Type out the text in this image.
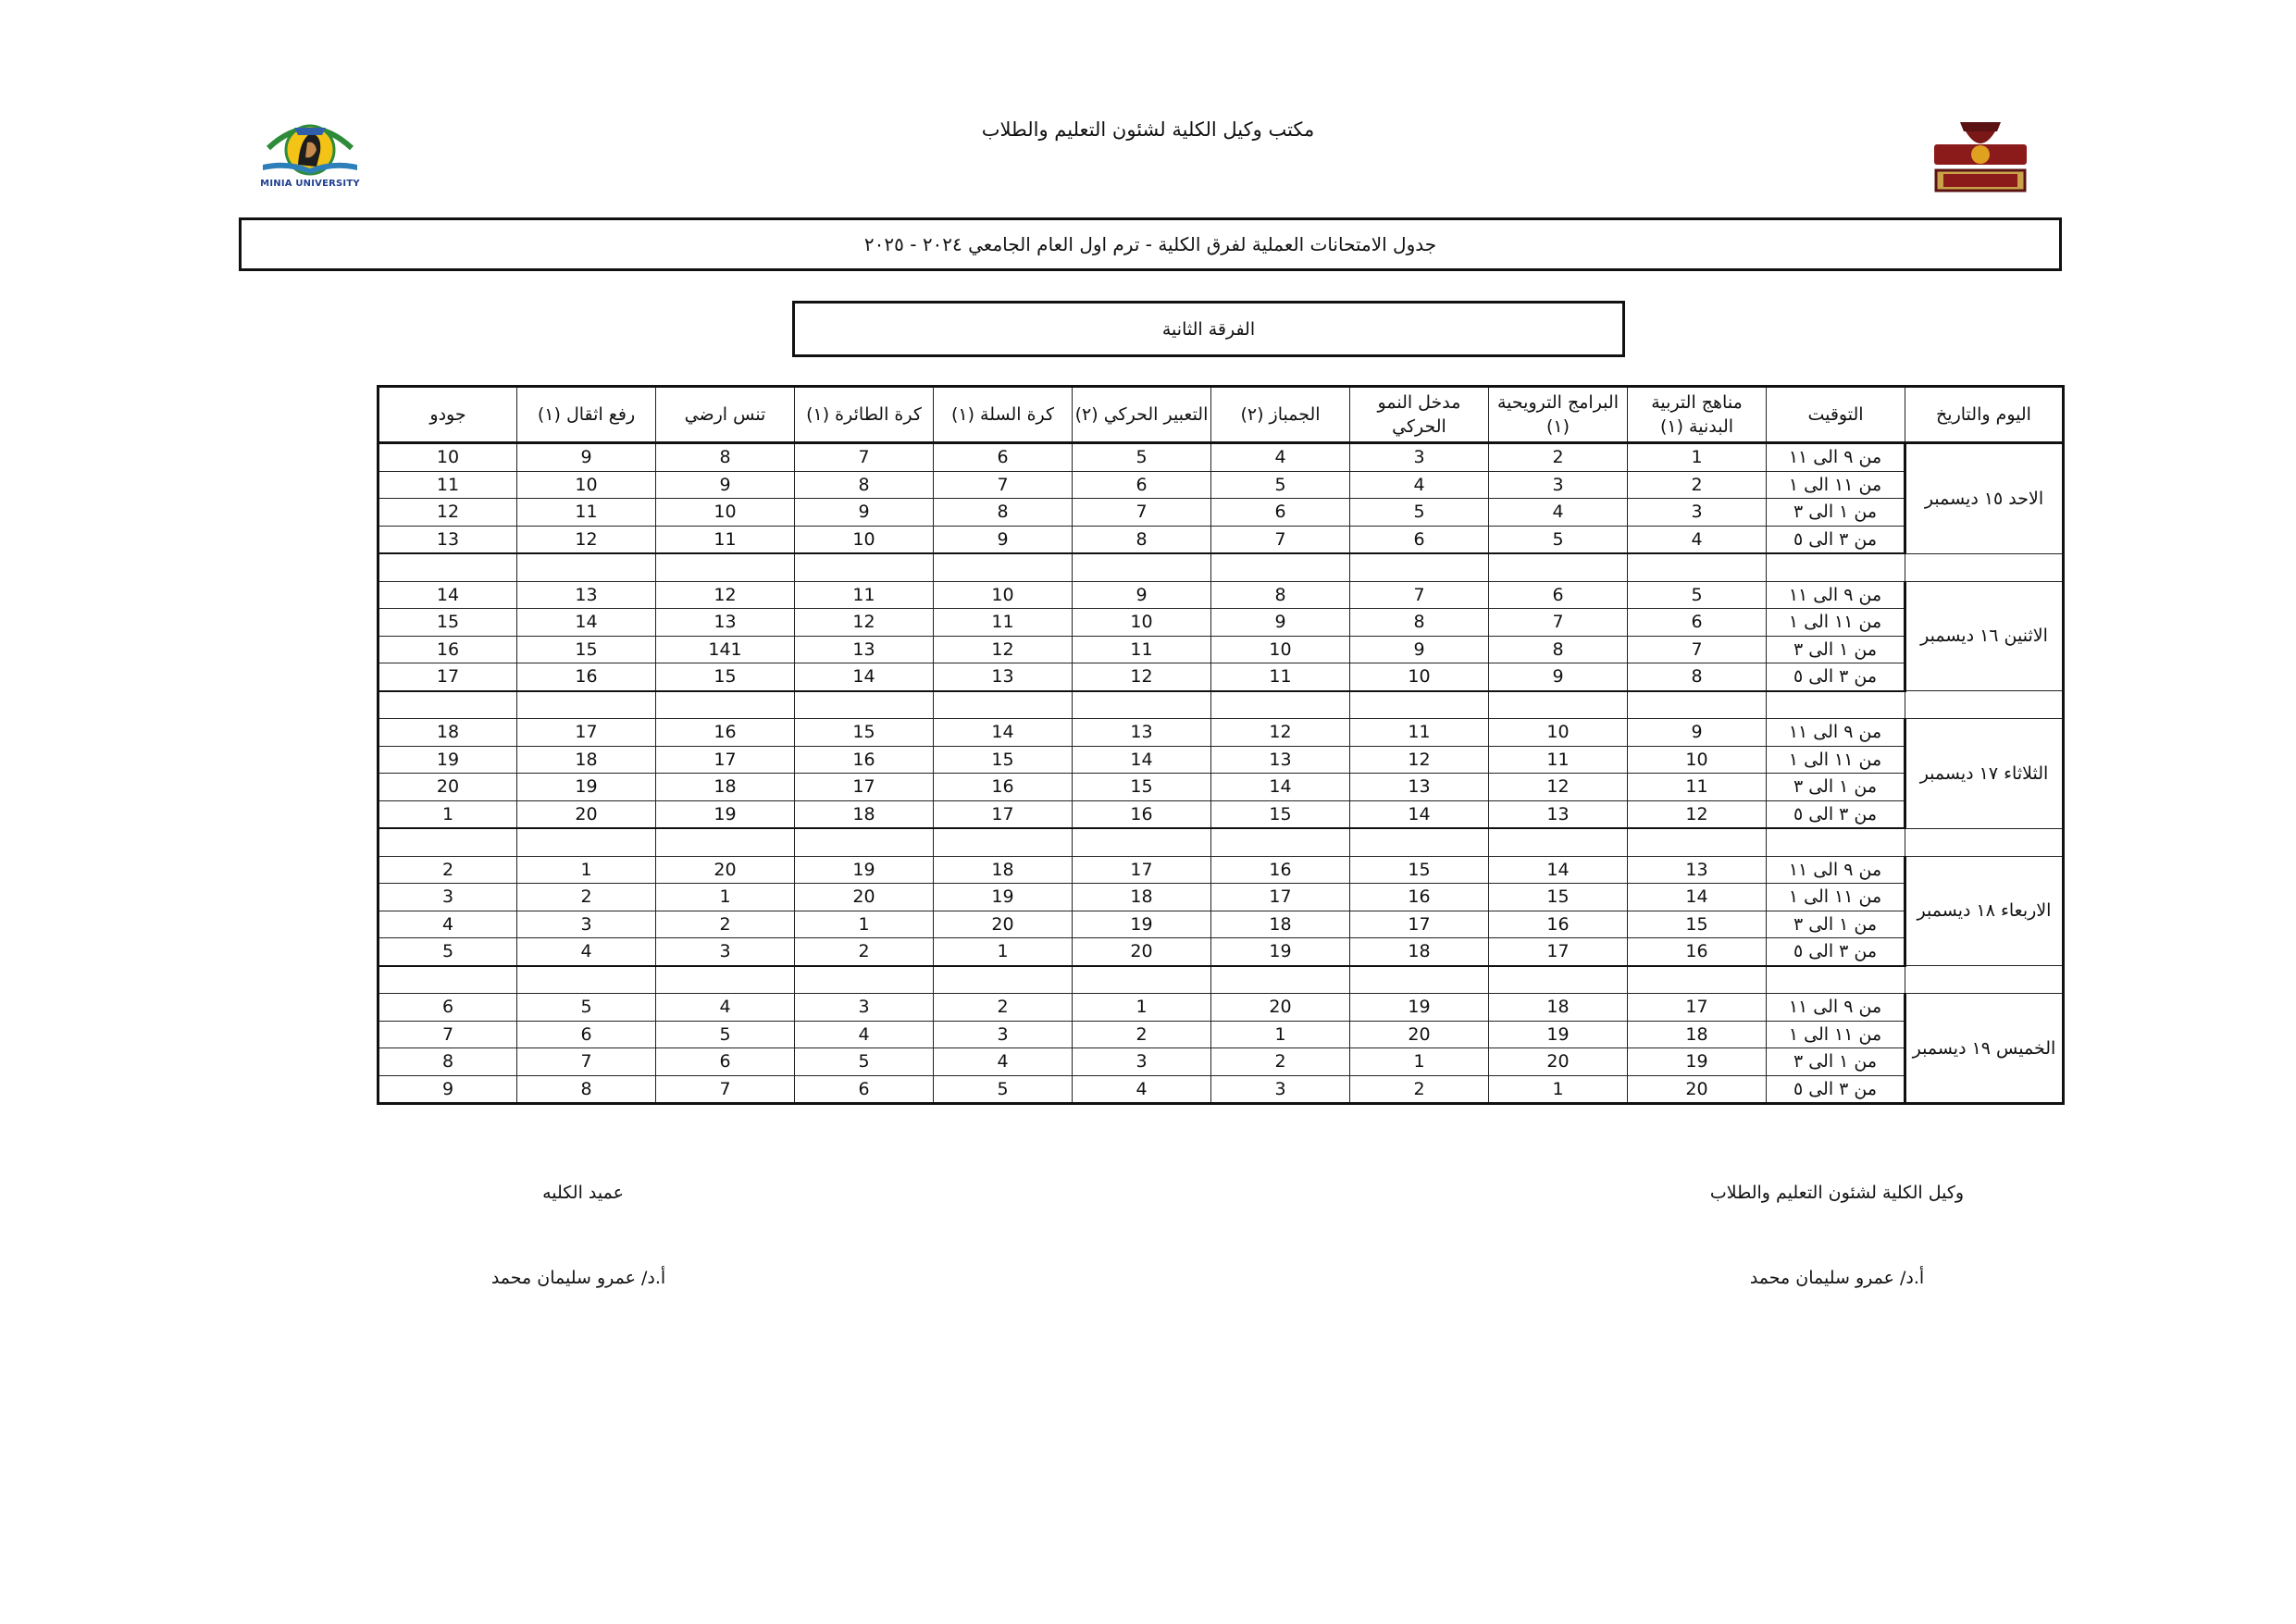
مكتب وكيل الكلية لشئون التعليم والطلاب
MINIA UNIVERSITY
جدول الامتحانات العملية لفرق الكلية - ترم اول العام الجامعي ٢٠٢٤ - ٢٠٢٥
الفرقة الثانية
اليوم والتاريخ	التوقيت	مناهج التربية البدنية (١)	البرامج الترويحية (١)	مدخل النمو الحركي	الجمباز (٢)	التعبير الحركي (٢)	كرة السلة (١)	كرة الطائرة (١)	تنس ارضي	رفع اثقال (١)	جودو
الاحد ١٥ ديسمبر	من ٩ الى ١١	1	2	3	4	5	6	7	8	9	10
	من ١١ الى ١	2	3	4	5	6	7	8	9	10	11
	من ١ الى ٣	3	4	5	6	7	8	9	10	11	12
	من ٣ الى ٥	4	5	6	7	8	9	10	11	12	13

الاثنين ١٦ ديسمبر	من ٩ الى ١١	5	6	7	8	9	10	11	12	13	14
	من ١١ الى ١	6	7	8	9	10	11	12	13	14	15
	من ١ الى ٣	7	8	9	10	11	12	13	141	15	16
	من ٣ الى ٥	8	9	10	11	12	13	14	15	16	17

الثلاثاء ١٧ ديسمبر	من ٩ الى ١١	9	10	11	12	13	14	15	16	17	18
	من ١١ الى ١	10	11	12	13	14	15	16	17	18	19
	من ١ الى ٣	11	12	13	14	15	16	17	18	19	20
	من ٣ الى ٥	12	13	14	15	16	17	18	19	20	1

الاربعاء ١٨ ديسمبر	من ٩ الى ١١	13	14	15	16	17	18	19	20	1	2
	من ١١ الى ١	14	15	16	17	18	19	20	1	2	3
	من ١ الى ٣	15	16	17	18	19	20	1	2	3	4
	من ٣ الى ٥	16	17	18	19	20	1	2	3	4	5

الخميس ١٩ ديسمبر	من ٩ الى ١١	17	18	19	20	1	2	3	4	5	6
	من ١١ الى ١	18	19	20	1	2	3	4	5	6	7
	من ١ الى ٣	19	20	1	2	3	4	5	6	7	8
	من ٣ الى ٥	20	1	2	3	4	5	6	7	8	9
وكيل الكلية لشئون التعليم والطلاب
أ.د/ عمرو سليمان محمد
عميد الكليه
أ.د/ عمرو سليمان محمد
